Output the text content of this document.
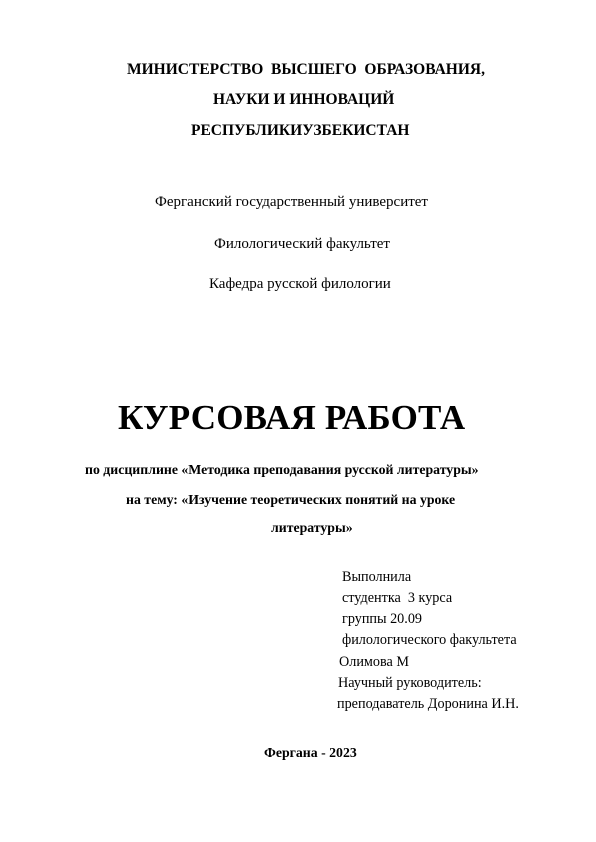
МИНИСТЕРСТВО  ВЫСШЕГО  ОБРАЗОВАНИЯ,
НАУКИ И ИННОВАЦИЙ
РЕСПУБЛИКИУЗБЕКИСТАН
Ферганский государственный университет
Филологический факультет
Кафедра русской филологии
КУРСОВАЯ РАБОТА
по дисциплине «Методика преподавания русской литературы»
на тему: «Изучение теоретических понятий на уроке
литературы»
Выполнила
студентка  3 курса
группы 20.09
филологического факультета
Олимова М
Научный руководитель:
преподаватель Доронина И.Н.
Фергана - 2023
